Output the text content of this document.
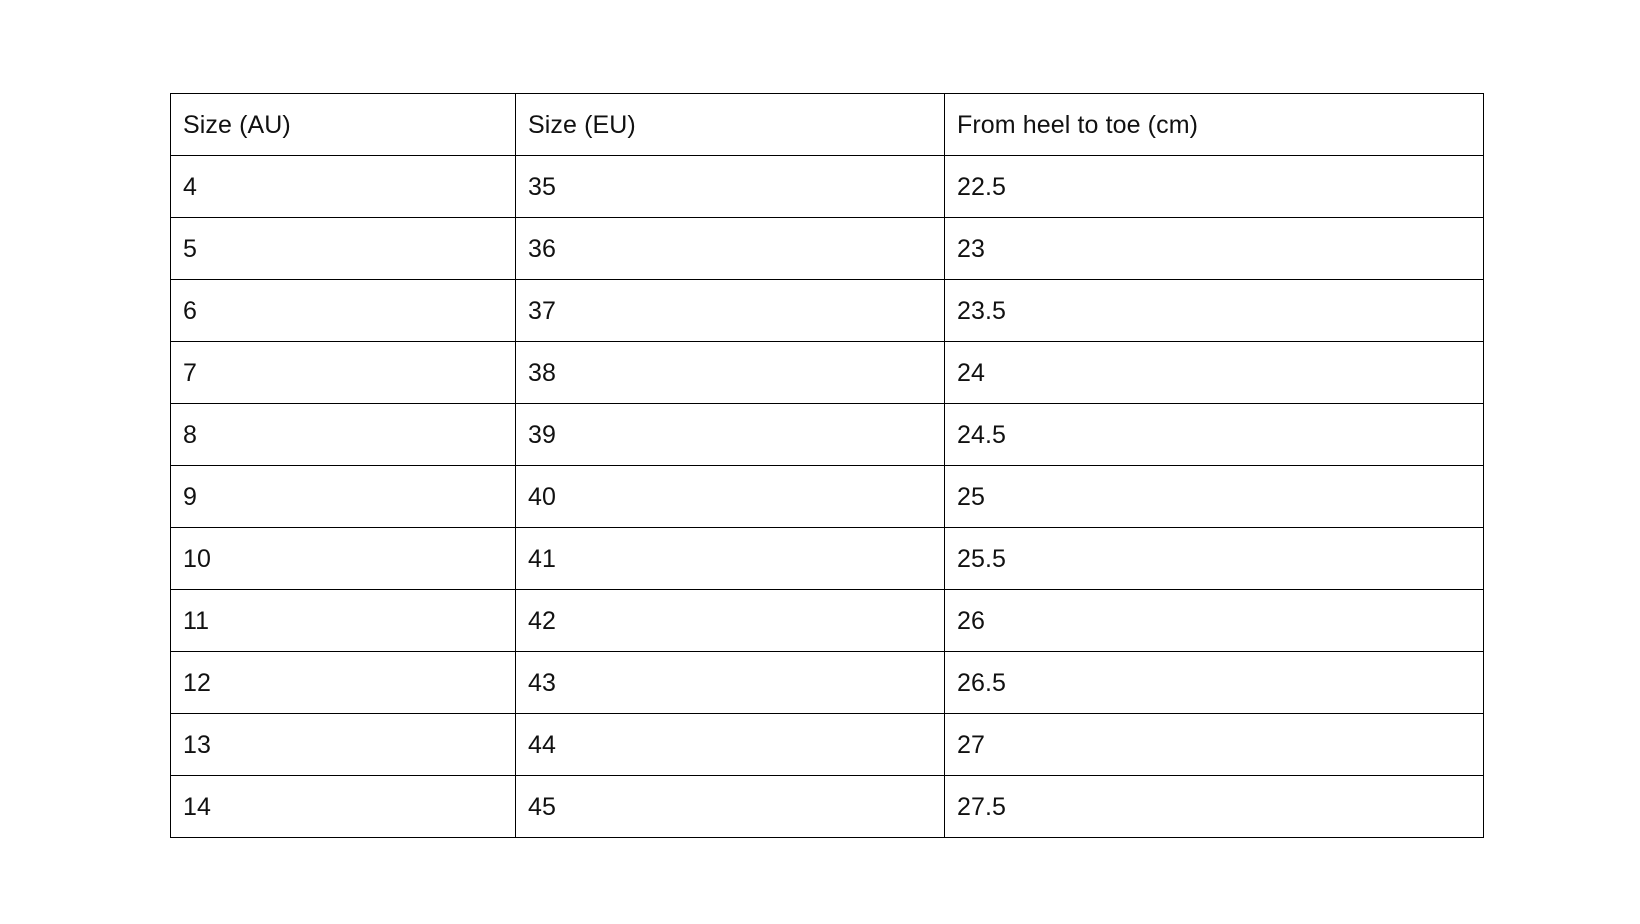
Size (AU)	Size (EU)	From heel to toe (cm)
4	35	22.5
5	36	23
6	37	23.5
7	38	24
8	39	24.5
9	40	25
10	41	25.5
11	42	26
12	43	26.5
13	44	27
14	45	27.5
